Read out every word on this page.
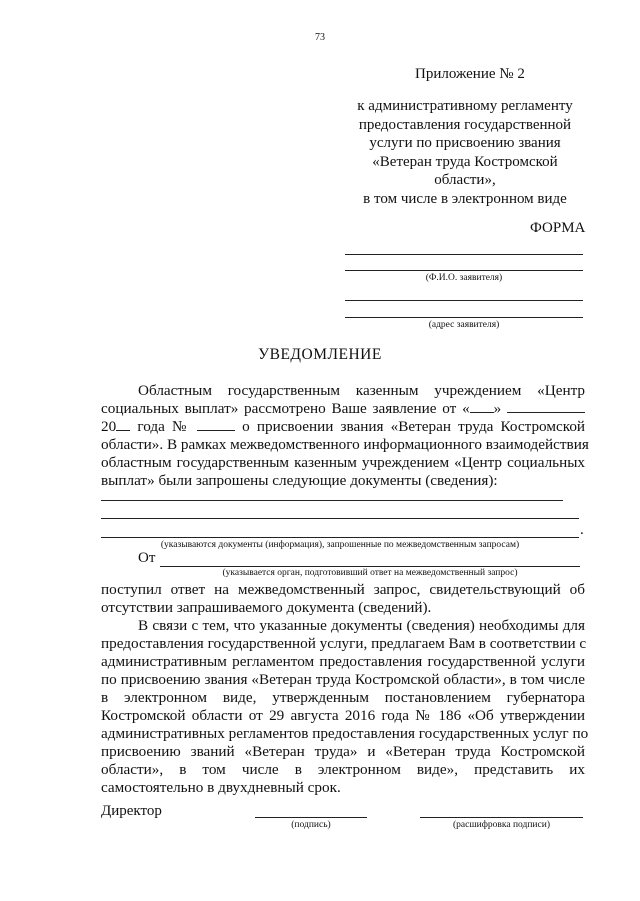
73
Приложение № 2
к административному регламенту
предоставления государственной
услуги по присвоению звания
«Ветеран труда Костромской
области»,
в том числе в электронном виде
ФОРМА
(Ф.И.О. заявителя)
(адрес заявителя)
УВЕДОМЛЕНИЕ
Областным государственным казенным учреждением «Центр
социальных выплат» рассмотрено Ваше заявление от « »
20 года №	о присвоении звания «Ветеран труда Костромской
области». В рамках межведомственного информационного взаимодействия
областным государственным казенным учреждением «Центр социальных
выплат» были запрошены следующие документы (сведения):
.
(указываются документы (информация), запрошенные по межведомственным запросам)
От
(указывается орган, подготовивший ответ на межведомственный запрос)
поступил ответ на межведомственный запрос, свидетельствующий об
отсутствии запрашиваемого документа (сведений).
В связи с тем, что указанные документы (сведения) необходимы для
предоставления государственной услуги, предлагаем Вам в соответствии с
административным регламентом предоставления государственной услуги
по присвоению звания «Ветеран труда Костромской области», в том числе
в электронном виде, утвержденным постановлением губернатора
Костромской области от 29 августа 2016 года № 186 «Об утверждении
административных регламентов предоставления государственных услуг по
присвоению званий «Ветеран труда» и «Ветеран труда Костромской
области», в том числе в электронном виде», представить их
самостоятельно в двухдневный срок.
Директор
(подпись)	(расшифровка подписи)
